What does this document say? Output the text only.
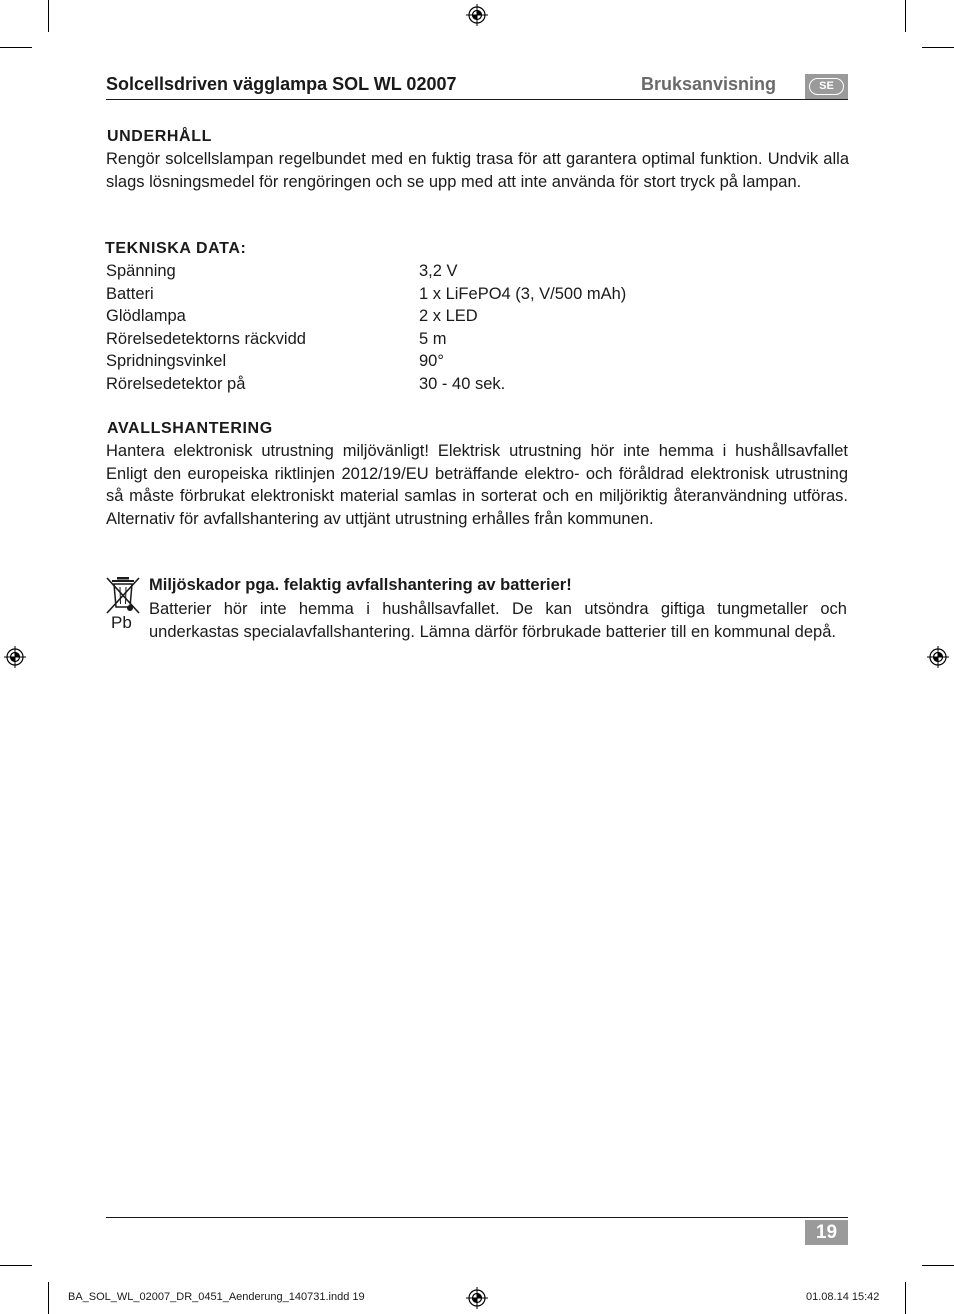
Solcellsdriven vägglampa SOL WL 02007	Bruksanvisning	SE
UNDERHÅLL
Rengör solcellslampan regelbundet med en fuktig trasa för att garantera optimal funktion. Undvik alla slags lösningsmedel för rengöringen och se upp med att inte använda för stort tryck på lampan.
TEKNISKA DATA:
Spänning	3,2 V
Batteri	1 x LiFePO4 (3, V/500 mAh)
Glödlampa	2 x LED
Rörelsedetektorns räckvidd	5 m
Spridningsvinkel	90°
Rörelsedetektor på	30 - 40 sek.
AVALLSHANTERING
Hantera elektronisk utrustning miljövänligt! Elektrisk utrustning hör inte hemma i hushållsavfallet Enligt den europeiska riktlinjen 2012/19/EU beträffande elektro- och föråldrad elektronisk utrustning så måste förbrukat elektroniskt material samlas in sorterat och en miljöriktig återanvändning utföras. Alternativ för avfallshantering av uttjänt utrustning erhålles från kommunen.
Pb
Miljöskador pga. felaktig avfallshantering av batterier!
Batterier hör inte hemma i hushållsavfallet. De kan utsöndra giftiga tungmetaller och underkastas specialavfallshantering. Lämna därför förbrukade batterier till en kommunal depå.
19
BA_SOL_WL_02007_DR_0451_Aenderung_140731.indd 19	01.08.14 15:42
